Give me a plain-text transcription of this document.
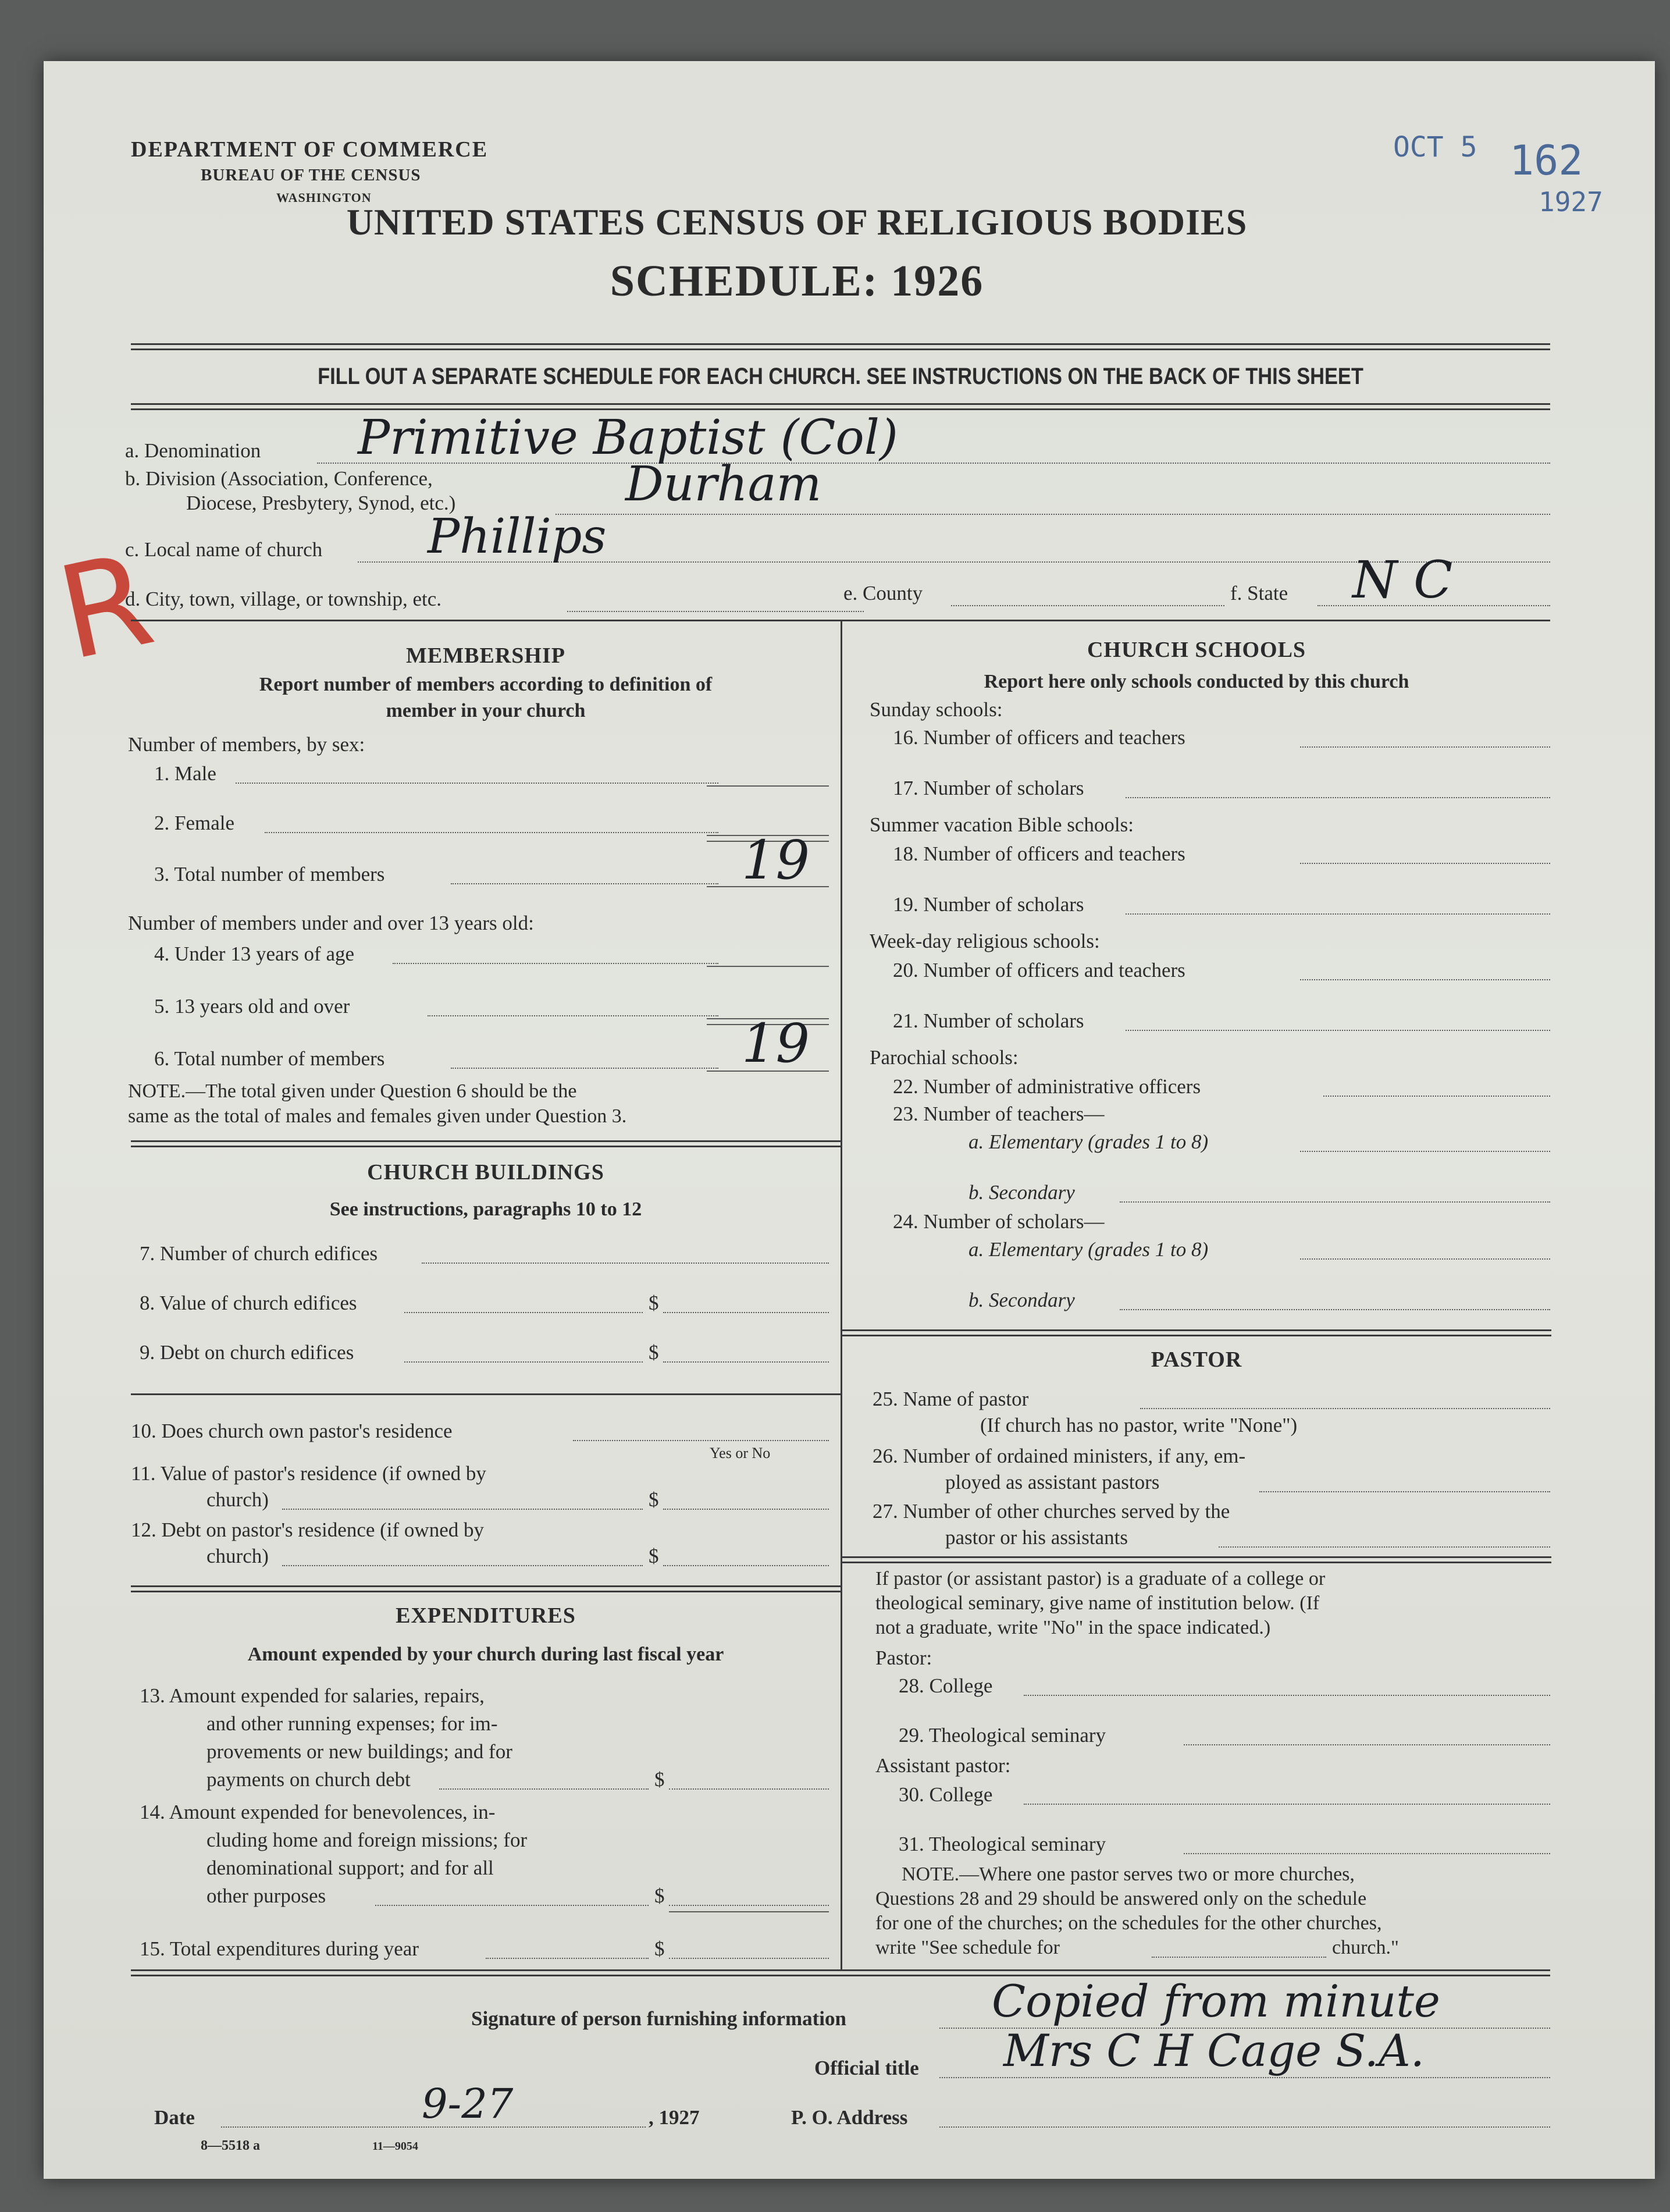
DEPARTMENT OF COMMERCE
BUREAU OF THE CENSUS
WASHINGTON
UNITED STATES CENSUS OF RELIGIOUS BODIES
SCHEDULE: 1926
OCT 5 162
1927
FILL OUT A SEPARATE SCHEDULE FOR EACH CHURCH. SEE INSTRUCTIONS ON THE BACK OF THIS SHEET
R
a. Denomination Primitive Baptist (Col)
b. Division (Association, Conference,
Diocese, Presbytery, Synod, etc.)	Durham
c. Local name of church Phillips
d. City, town, village, or township, etc.	e. County	f. State N C
MEMBERSHIP
Report number of members according to definition of
member in your church
Number of members, by sex:
1. Male
2. Female
3. Total number of members	19
Number of members under and over 13 years old:
4. Under 13 years of age
5. 13 years old and over
6. Total number of members	19
NOTE.—The total given under Question 6 should be the
same as the total of males and females given under Question 3.
CHURCH BUILDINGS
See instructions, paragraphs 10 to 12
7. Number of church edifices
8. Value of church edifices	$
9. Debt on church edifices	$
10. Does church own pastor's residence
Yes or No
11. Value of pastor's residence (if owned by
church)	$
12. Debt on pastor's residence (if owned by
church)	$
EXPENDITURES
Amount expended by your church during last fiscal year
13. Amount expended for salaries, repairs,
and other running expenses; for im-
provements or new buildings; and for
payments on church debt	$
14. Amount expended for benevolences, in-
cluding home and foreign missions; for
denominational support; and for all
other purposes	$
15. Total expenditures during year	$
CHURCH SCHOOLS
Report here only schools conducted by this church
Sunday schools:
16. Number of officers and teachers
17. Number of scholars
Summer vacation Bible schools:
18. Number of officers and teachers
19. Number of scholars
Week-day religious schools:
20. Number of officers and teachers
21. Number of scholars
Parochial schools:
22. Number of administrative officers
23. Number of teachers—
a. Elementary (grades 1 to 8)
b. Secondary
24. Number of scholars—
a. Elementary (grades 1 to 8)
b. Secondary
PASTOR
25. Name of pastor
(If church has no pastor, write "None")
26. Number of ordained ministers, if any, em-
ployed as assistant pastors
27. Number of other churches served by the
pastor or his assistants
If pastor (or assistant pastor) is a graduate of a college or
theological seminary, give name of institution below. (If
not a graduate, write "No" in the space indicated.)
Pastor:
28. College
29. Theological seminary
Assistant pastor:
30. College
31. Theological seminary
NOTE.—Where one pastor serves two or more churches,
Questions 28 and 29 should be answered only on the schedule
for one of the churches; on the schedules for the other churches,
write "See schedule for	church."
Signature of person furnishing information	Copied from minute
Official title Mrs C H Cage S.A.
Date	9-27	, 1927	P. O. Address
8—5518 a	11—9054
